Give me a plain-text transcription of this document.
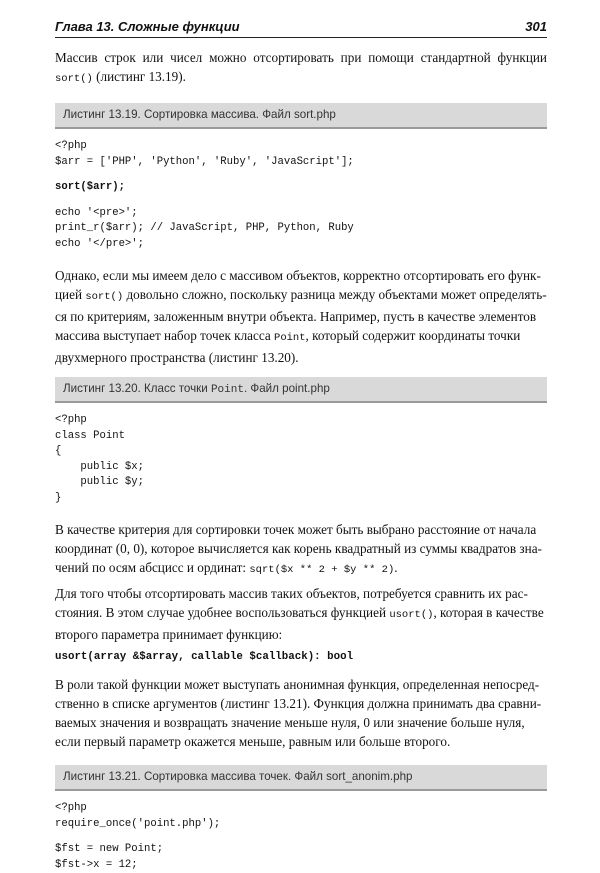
Глава 13. Сложные функции	301

Массив строк или чисел можно отсортировать при помощи стандартной функции sort() (листинг 13.19).

Листинг 13.19. Сортировка массива. Файл sort.php
<?php
$arr = ['PHP', 'Python', 'Ruby', 'JavaScript'];
sort($arr);
echo '<pre>';
print_r($arr); // JavaScript, PHP, Python, Ruby
echo '</pre>';

Однако, если мы имеем дело с массивом объектов, корректно отсортировать его функ-

цией sort() довольно сложно, поскольку разница между объектами может определять-

ся по критериям, заложенным внутри объекта. Например, пусть в качестве элементов

массива выступает набор точек класса Point, который содержит координаты точки

двухмерного пространства (листинг 13.20).

Листинг 13.20. Класс точки Point. Файл point.php
<?php
class Point
{
public $x;
public $y;
}

В качестве критерия для сортировки точек может быть выбрано расстояние от начала

координат (0, 0), которое вычисляется как корень квадратный из суммы квадратов зна-

чений по осям абсцисс и ординат: sqrt($x ** 2 + $y ** 2).

Для того чтобы отсортировать массив таких объектов, потребуется сравнить их рас-

стояния. В этом случае удобнее воспользоваться функцией usort(), которая в качестве

второго параметра принимает функцию:

usort(array &$array, callable $callback): bool

В роли такой функции может выступать анонимная функция, определенная непосред-

ственно в списке аргументов (листинг 13.21). Функция должна принимать два сравни-

ваемых значения и возвращать значение меньше нуля, 0 или значение больше нуля,

если первый параметр окажется меньше, равным или больше второго.

Листинг 13.21. Сортировка массива точек. Файл sort_anonim.php
<?php
require_once('point.php');
$fst = new Point;
$fst->x = 12;
